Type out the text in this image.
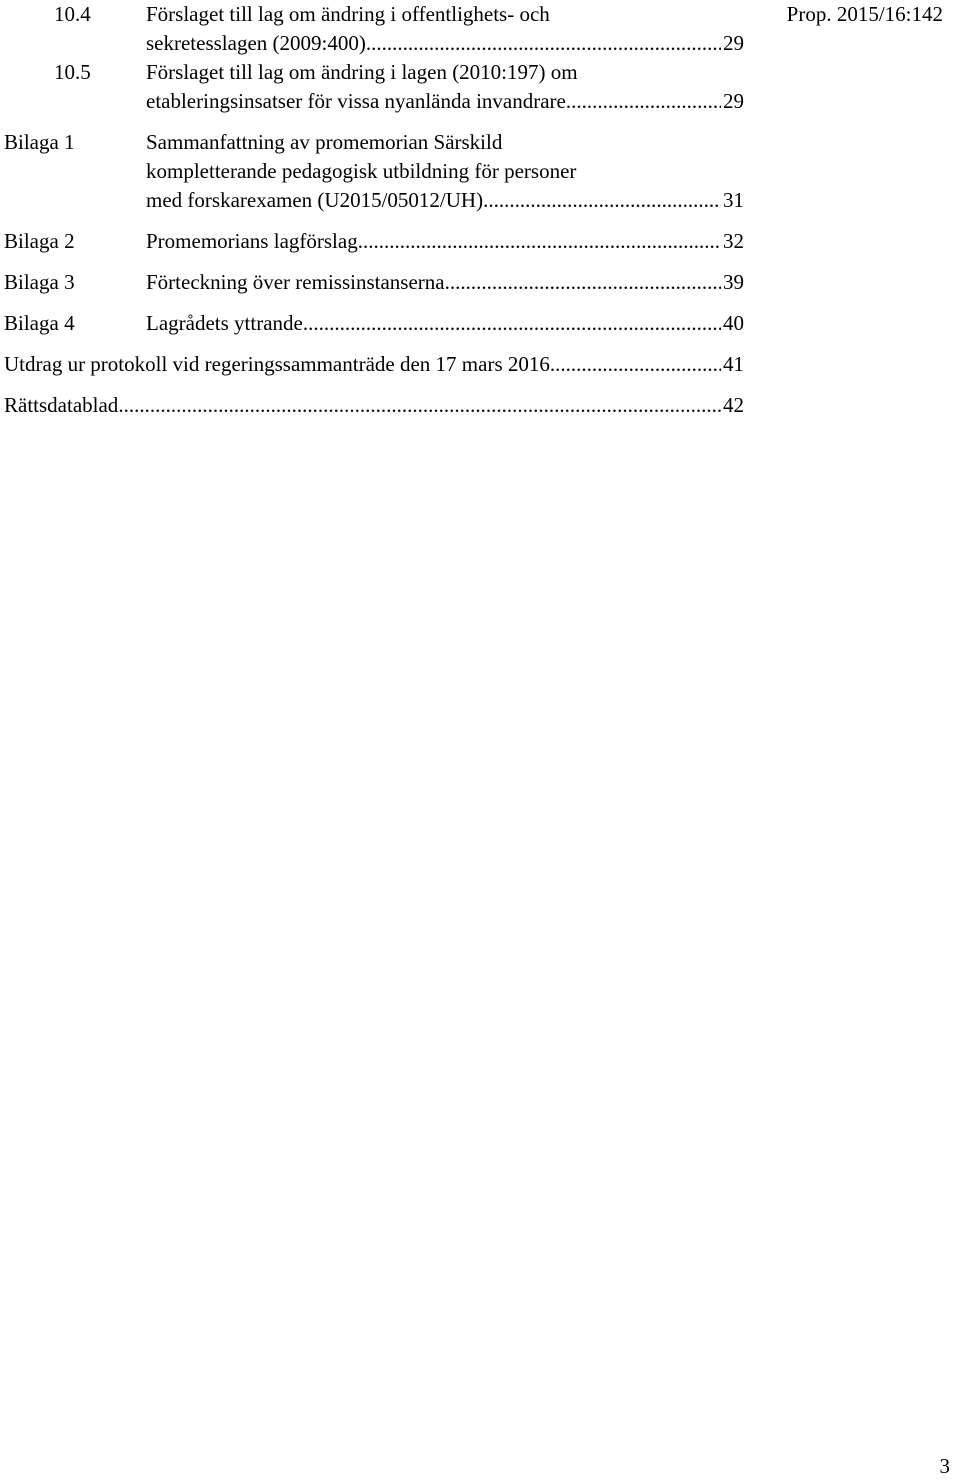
Prop. 2015/16:142
10.4	Förslaget till lag om ändring i offentlighets- och
sekretesslagen (2009:400) .....	29
10.5	Förslaget till lag om ändring i lagen (2010:197) om
etableringsinsatser för vissa nyanlända invandrare .....	29
Bilaga 1	Sammanfattning av promemorian Särskild
kompletterande pedagogisk utbildning för personer
med forskarexamen (U2015/05012/UH) .....	31
Bilaga 2	Promemorians lagförslag .....	32
Bilaga 3	Förteckning över remissinstanserna .....	39
Bilaga 4	Lagrådets yttrande .....	40
Utdrag ur protokoll vid regeringssammanträde den 17 mars 2016 .....	41
Rättsdatablad .....	42
3
